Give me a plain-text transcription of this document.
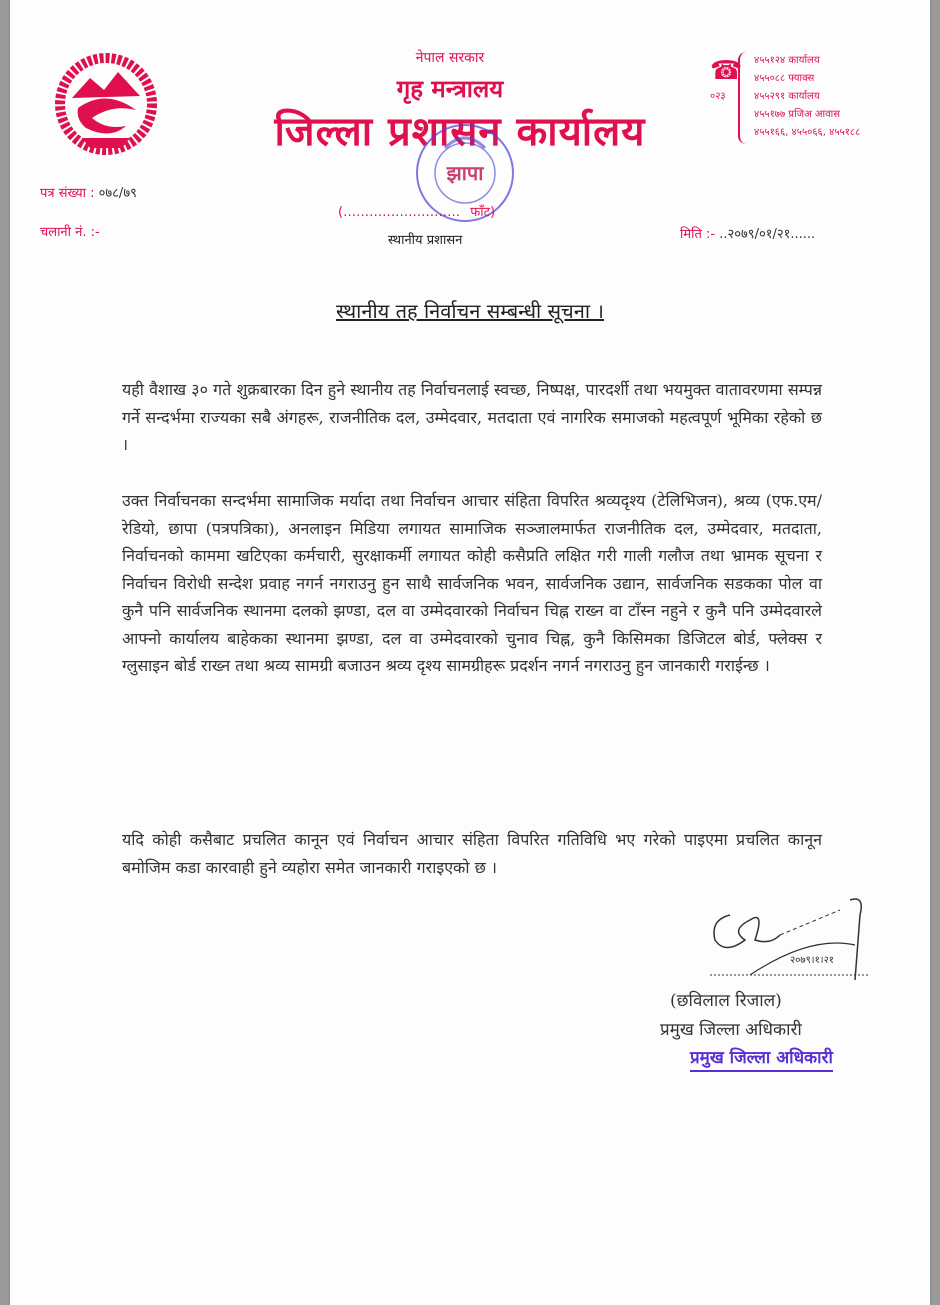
नेपाल सरकार
गृह मन्त्रालय
जिल्ला प्रशासन कार्यालय
☎
०२३
४५५१२४ कार्यालय
४५५०८८ फ्याक्स
४५५२९१ कार्यालय
४५५१७७ प्रजिअ आवास
४५५१६६, ४५५०६६, ४५५१८८
झापा
पत्र संख्या : ०७८/७९
चलानी नं. :-
(……………………… फाँट)
स्थानीय प्रशासन	मिति :- ..२०७९/०१/२१......
स्थानीय तह निर्वाचन सम्बन्धी सूचना ।
यही वैशाख ३० गते शुक्रबारका दिन हुने स्थानीय तह निर्वाचनलाई स्वच्छ, निष्पक्ष, पारदर्शी तथा भयमुक्त वातावरणमा सम्पन्न गर्ने सन्दर्भमा राज्यका सबै अंगहरू, राजनीतिक दल, उम्मेदवार, मतदाता एवं नागरिक समाजको महत्वपूर्ण भूमिका रहेको छ ।
उक्त निर्वाचनका सन्दर्भमा सामाजिक मर्यादा तथा निर्वाचन आचार संहिता विपरित श्रव्यदृश्य (टेलिभिजन), श्रव्य (एफ.एम/रेडियो, छापा (पत्रपत्रिका), अनलाइन मिडिया लगायत सामाजिक सञ्जालमार्फत राजनीतिक दल, उम्मेदवार, मतदाता, निर्वाचनको काममा खटिएका कर्मचारी, सुरक्षाकर्मी लगायत कोही कसैप्रति लक्षित गरी गाली गलौज तथा भ्रामक सूचना र निर्वाचन विरोधी सन्देश प्रवाह नगर्न नगराउनु हुन साथै सार्वजनिक भवन, सार्वजनिक उद्यान, सार्वजनिक सडकका पोल वा कुनै पनि सार्वजनिक स्थानमा दलको झण्डा, दल वा उम्मेदवारको निर्वाचन चिह्न राख्न वा टाँस्न नहुने र कुनै पनि उम्मेदवारले आफ्नो कार्यालय बाहेकका स्थानमा झण्डा, दल वा उम्मेदवारको चुनाव चिह्न, कुनै किसिमका डिजिटल बोर्ड, फ्लेक्स र ग्लुसाइन बोर्ड राख्न तथा श्रव्य सामग्री बजाउन श्रव्य दृश्य सामग्रीहरू प्रदर्शन नगर्न नगराउनु हुन जानकारी गराईन्छ ।
यदि कोही कसैबाट प्रचलित कानून एवं निर्वाचन आचार संहिता विपरित गतिविधि भए गरेको पाइएमा प्रचलित कानून बमोजिम कडा कारवाही हुने व्यहोरा समेत जानकारी गराइएको छ ।
२०७९।१।२१
(छविलाल रिजाल)
प्रमुख जिल्ला अधिकारी
प्रमुख जिल्ला अधिकारी
